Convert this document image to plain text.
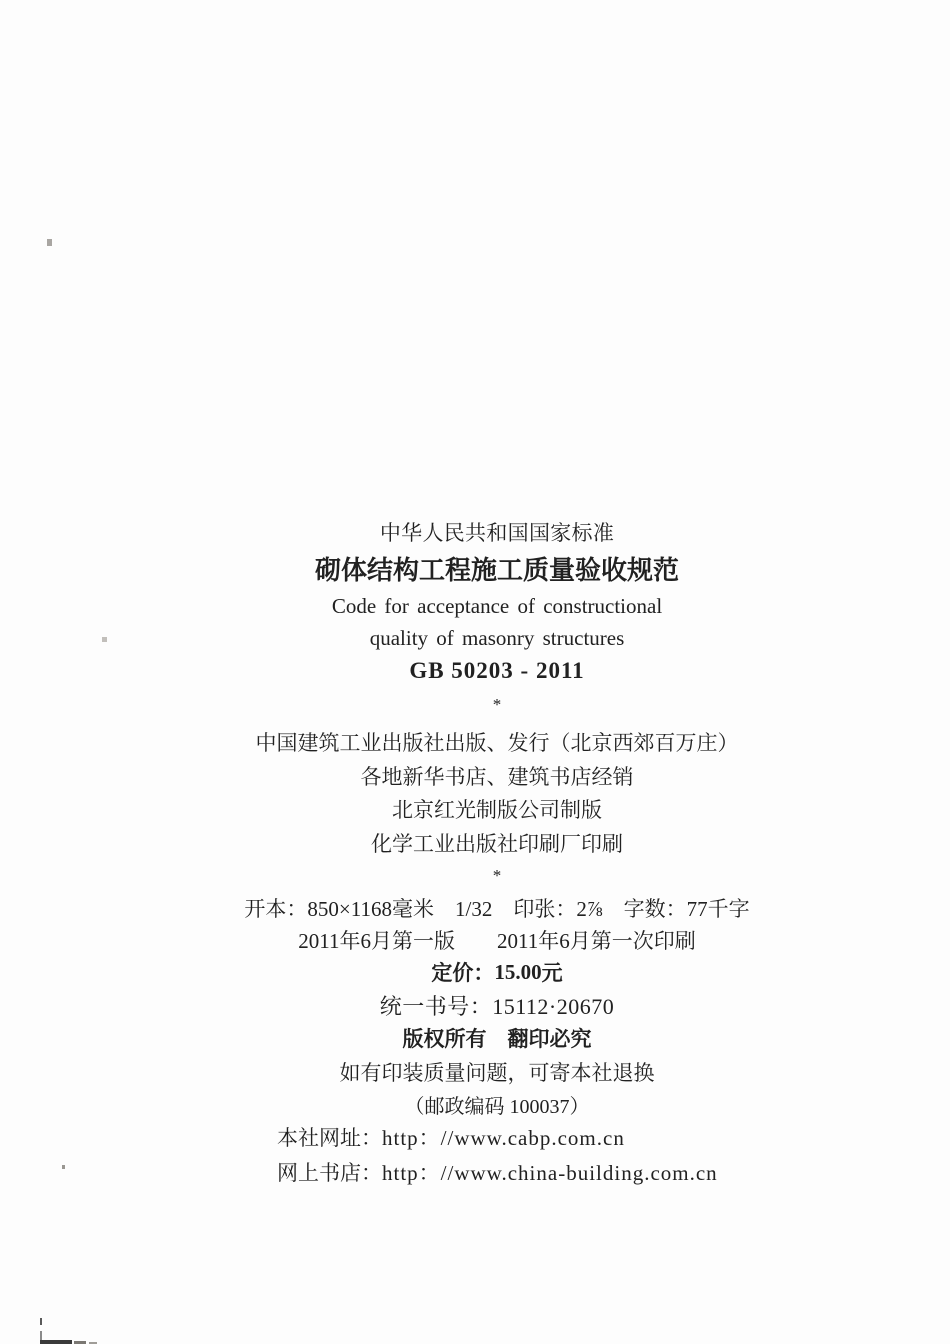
中华人民共和国国家标准
砌体结构工程施工质量验收规范
Code for acceptance of constructional
quality of masonry structures
GB 50203 - 2011
*
中国建筑工业出版社出版、发行（北京西郊百万庄）
各地新华书店、建筑书店经销
北京红光制版公司制版
化学工业出版社印刷厂印刷
*
开本：850×1168毫米　1/32　印张：2⅞　字数：77千字
2011年6月第一版　　2011年6月第一次印刷
定价： 15.00 元
统一书号：15112·20670
版权所有　翻印必究
如有印装质量问题，可寄本社退换
（邮政编码 100037）
本社网址： http：//www.cabp.com.cn
网上书店： http：//www.china-building.com.cn
